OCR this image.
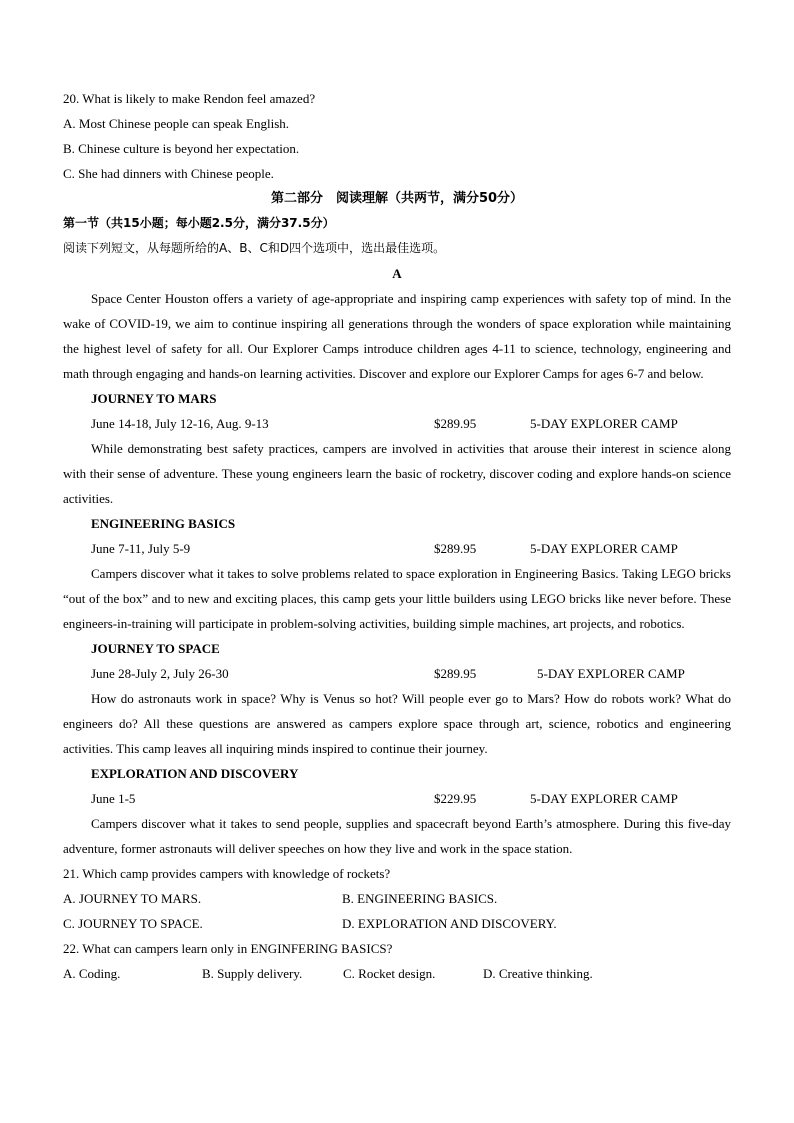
20. What is likely to make Rendon feel amazed?
A. Most Chinese people can speak English.
B. Chinese culture is beyond her expectation.
C. She had dinners with Chinese people.
第二部分　阅读理解（共两节，满分50分）
第一节（共15小题；每小题2.5分，满分37.5分）
阅读下列短文，从每题所给的A、B、C和D四个选项中，选出最佳选项。
A

Space Center Houston offers a variety of age-appropriate and inspiring camp experiences with safety top of mind. In the wake of COVID-19, we aim to continue inspiring all generations through the wonders of space exploration while maintaining the highest level of safety for all. Our Explorer Camps introduce children ages 4-11 to science, technology, engineering and math through engaging and hands-on learning activities. Discover and explore our Explorer Camps for ages 6-7 and below.

JOURNEY TO MARS
June 14-18, July 12-16, Aug. 9-13	$289.95	5-DAY EXPLORER CAMP

While demonstrating best safety practices, campers are involved in activities that arouse their interest in science along with their sense of adventure. These young engineers learn the basic of rocketry, discover coding and explore hands-on science activities.

ENGINEERING BASICS
June 7-11, July 5-9	$289.95	5-DAY EXPLORER CAMP

Campers discover what it takes to solve problems related to space exploration in Engineering Basics. Taking LEGO bricks “out of the box” and to new and exciting places, this camp gets your little builders using LEGO bricks like never before. These engineers-in-training will participate in problem-solving activities, building simple machines, art projects, and robotics.

JOURNEY TO SPACE
June 28-July 2, July 26-30	$289.95	5-DAY EXPLORER CAMP

How do astronauts work in space? Why is Venus so hot? Will people ever go to Mars? How do robots work? What do engineers do? All these questions are answered as campers explore space through art, science, robotics and engineering activities. This camp leaves all inquiring minds inspired to continue their journey.

EXPLORATION AND DISCOVERY
June 1-5	$229.95	5-DAY EXPLORER CAMP

Campers discover what it takes to send people, supplies and spacecraft beyond Earth’s atmosphere. During this five-day adventure, former astronauts will deliver speeches on how they live and work in the space station.

21. Which camp provides campers with knowledge of rockets?
A. JOURNEY TO MARS.	B. ENGINEERING BASICS.
C. JOURNEY TO SPACE.	D. EXPLORATION AND DISCOVERY.
22. What can campers learn only in ENGINFERING BASICS?
A. Coding.	B. Supply delivery.	C. Rocket design.	D. Creative thinking.
